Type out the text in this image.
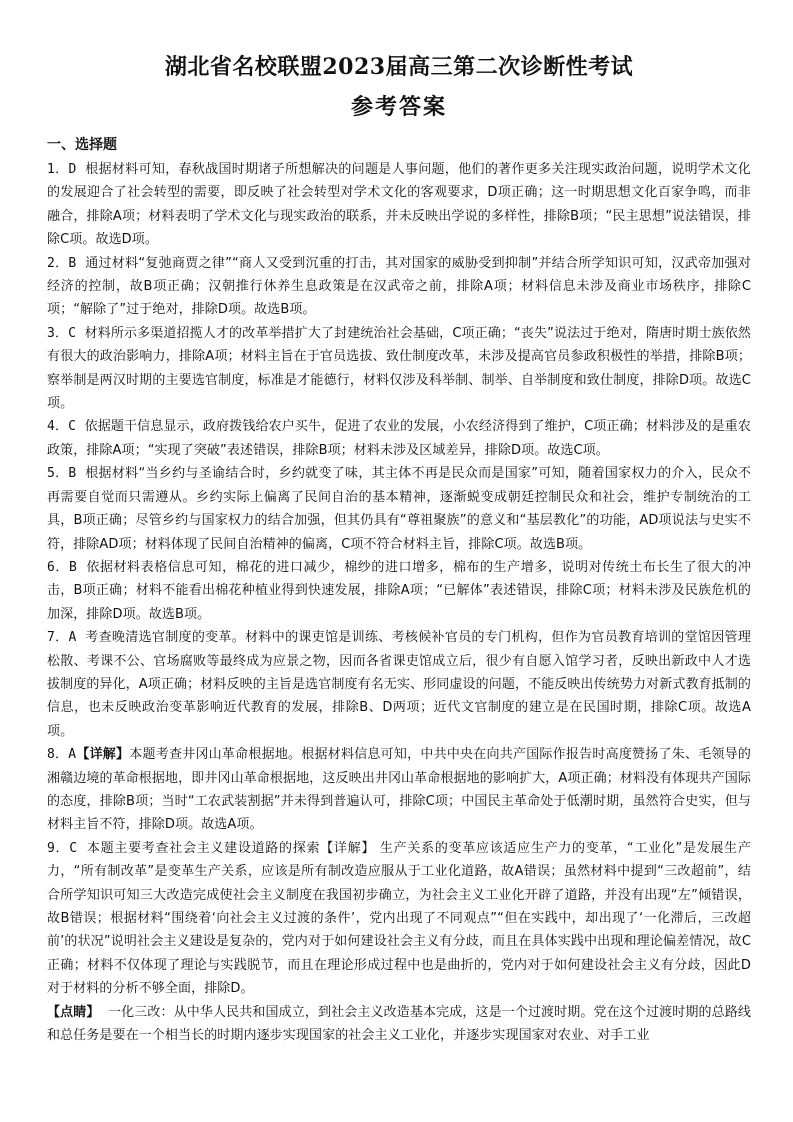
湖北省名校联盟2023届高三第二次诊断性考试
参考答案
一、选择题

1．D 根据材料可知，春秋战国时期诸子所想解决的问题是人事问题，他们的著作更多关注现实政治问题，说明学术文化的发展迎合了社会转型的需要，即反映了社会转型对学术文化的客观要求，D项正确；这一时期思想文化百家争鸣，而非融合，排除A项；材料表明了学术文化与现实政治的联系，并未反映出学说的多样性，排除B项；“民主思想”说法错误，排除C项。故选D项。

2．B 通过材料“复弛商贾之律”“商人又受到沉重的打击，其对国家的威胁受到抑制”并结合所学知识可知，汉武帝加强对经济的控制，故B项正确；汉朝推行休养生息政策是在汉武帝之前，排除A项；材料信息未涉及商业市场秩序，排除C项；“解除了”过于绝对，排除D项。故选B项。

3．C 材料所示多渠道招揽人才的改革举措扩大了封建统治社会基础，C项正确；“丧失”说法过于绝对，隋唐时期士族依然有很大的政治影响力，排除A项；材料主旨在于官员选拔、致仕制度改革，未涉及提高官员参政积极性的举措，排除B项；察举制是两汉时期的主要选官制度，标准是才能德行，材料仅涉及科举制、制举、自举制度和致仕制度，排除D项。故选C项。

4．C 依据题干信息显示，政府拨钱给农户买牛，促进了农业的发展，小农经济得到了维护，C项正确；材料涉及的是重农政策，排除A项；“实现了突破”表述错误，排除B项；材料未涉及区域差异，排除D项。故选C项。

5．B 根据材料“当乡约与圣谕结合时，乡约就变了味，其主体不再是民众而是国家”可知，随着国家权力的介入，民众不再需要自觉而只需遵从。乡约实际上偏离了民间自治的基本精神，逐渐蜕变成朝廷控制民众和社会，维护专制统治的工具，B项正确；尽管乡约与国家权力的结合加强，但其仍具有“尊祖聚族”的意义和“基层教化”的功能，AD项说法与史实不符，排除AD项；材料体现了民间自治精神的偏离，C项不符合材料主旨，排除C项。故选B项。

6．B 依据材料表格信息可知，棉花的进口减少，棉纱的进口增多，棉布的生产增多，说明对传统土布长生了很大的冲击，B项正确；材料不能看出棉花种植业得到快速发展，排除A项；“已解体”表述错误，排除C项；材料未涉及民族危机的加深，排除D项。故选B项。

7．A 考查晚清选官制度的变革。材料中的课吏馆是训练、考核候补官员的专门机构，但作为官员教育培训的堂馆因管理松散、考课不公、官场腐败等最终成为应景之物，因而各省课吏馆成立后，很少有自愿入馆学习者，反映出新政中人才选拔制度的异化，A项正确；材料反映的主旨是选官制度有名无实、形同虚设的问题，不能反映出传统势力对新式教育抵制的信息，也未反映政治变革影响近代教育的发展，排除B、D两项；近代文官制度的建立是在民国时期，排除C项。故选A项。

8．A【详解】本题考查井冈山革命根据地。根据材料信息可知，中共中央在向共产国际作报告时高度赞扬了朱、毛领导的湘赣边境的革命根据地，即井冈山革命根据地，这反映出井冈山革命根据地的影响扩大，A项正确；材料没有体现共产国际的态度，排除B项；当时“工农武装割据”并未得到普遍认可，排除C项；中国民主革命处于低潮时期，虽然符合史实，但与材料主旨不符，排除D项。故选A项。

9．C 本题主要考查社会主义建设道路的探索【详解】 生产关系的变革应该适应生产力的变革，“工业化”是发展生产力，“所有制改革”是变革生产关系，应该是所有制改造应服从于工业化道路，故A错误；虽然材料中提到“三改超前”，结合所学知识可知三大改造完成使社会主义制度在我国初步确立，为社会主义工业化开辟了道路，并没有出现“左”倾错误，故B错误；根据材料“围绕着‘向社会主义过渡的条件’，党内出现了不同观点”“但在实践中，却出现了‘一化滞后，三改超前’的状况”说明社会主义建设是复杂的，党内对于如何建设社会主义有分歧，而且在具体实践中出现和理论偏差情况，故C正确；材料不仅体现了理论与实践脱节，而且在理论形成过程中也是曲折的，党内对于如何建设社会主义有分歧，因此D对于材料的分析不够全面，排除D。

【点睛】 一化三改：从中华人民共和国成立，到社会主义改造基本完成，这是一个过渡时期。党在这个过渡时期的总路线和总任务是要在一个相当长的时期内逐步实现国家的社会主义工业化，并逐步实现国家对农业、对手工业
